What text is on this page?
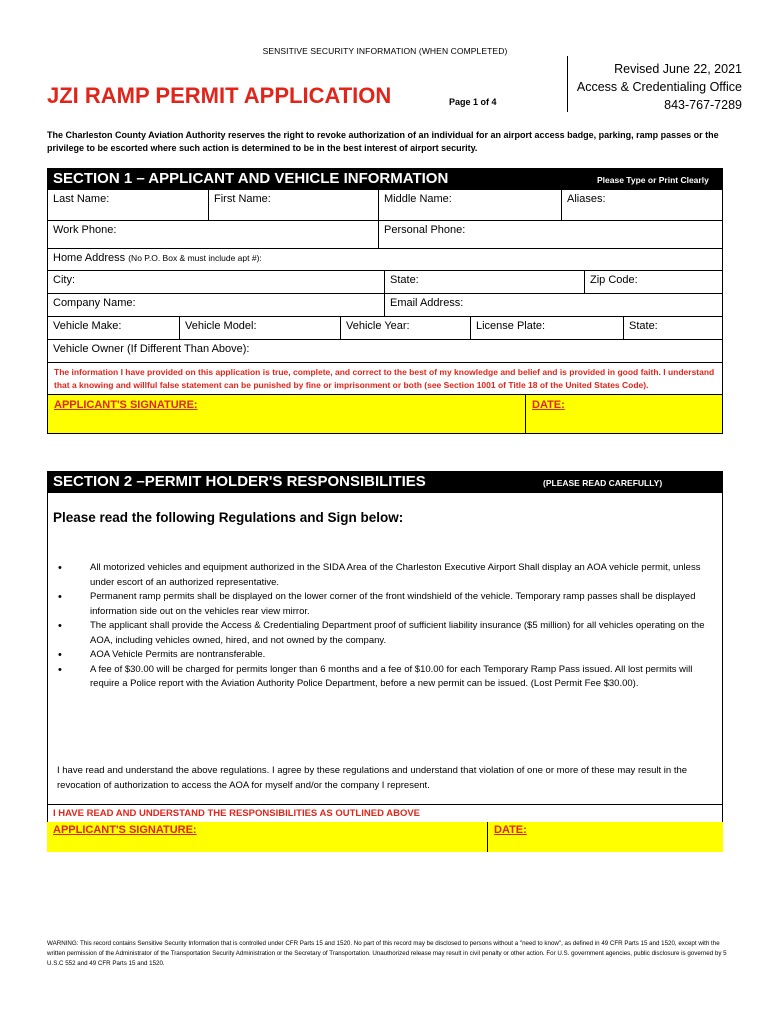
SENSITIVE SECURITY INFORMATION (WHEN COMPLETED)
JZI RAMP PERMIT APPLICATION	Page 1 of 4
Revised June 22, 2021
Access & Credentialing Office
843-767-7289
The Charleston County Aviation Authority reserves the right to revoke authorization of an individual for an airport access badge, parking, ramp passes or the privilege to be escorted where such action is determined to be in the best interest of airport security.
SECTION 1 – APPLICANT AND VEHICLE INFORMATION	Please Type or Print Clearly
Last Name:	First Name:	Middle Name:	Aliases:
Work Phone:	Personal Phone:
Home Address (No P.O. Box & must include apt #):
City:	State:	Zip Code:
Company Name:	Email Address:
Vehicle Make:	Vehicle Model:	Vehicle Year:	License Plate:	State:
Vehicle Owner (If Different Than Above):
The information I have provided on this application is true, complete, and correct to the best of my knowledge and belief and is provided in good faith. I understand that a knowing and willful false statement can be punished by fine or imprisonment or both (see Section 1001 of Title 18 of the United States Code).
APPLICANT'S SIGNATURE:	DATE:
SECTION 2 –PERMIT HOLDER'S RESPONSIBILITIES	(PLEASE READ CAREFULLY)
Please read the following Regulations and Sign below:
• All motorized vehicles and equipment authorized in the SIDA Area of the Charleston Executive Airport Shall display an AOA vehicle permit, unless under escort of an authorized representative.
• Permanent ramp permits shall be displayed on the lower corner of the front windshield of the vehicle. Temporary ramp passes shall be displayed information side out on the vehicles rear view mirror.
• The applicant shall provide the Access & Credentialing Department proof of sufficient liability insurance ($5 million) for all vehicles operating on the AOA, including vehicles owned, hired, and not owned by the company.
• AOA Vehicle Permits are nontransferable.
• A fee of $30.00 will be charged for permits longer than 6 months and a fee of $10.00 for each Temporary Ramp Pass issued. All lost permits will require a Police report with the Aviation Authority Police Department, before a new permit can be issued. (Lost Permit Fee $30.00).
I have read and understand the above regulations. I agree by these regulations and understand that violation of one or more of these may result in the revocation of authorization to access the AOA for myself and/or the company I represent.
I HAVE READ AND UNDERSTAND THE RESPONSIBILITIES AS OUTLINED ABOVE
APPLICANT'S SIGNATURE:	DATE:
WARNING: This record contains Sensitive Security Information that is controlled under CFR Parts 15 and 1520. No part of this record may be disclosed to persons without a "need to know", as defined in 49 CFR Parts 15 and 1520, except with the written permission of the Administrator of the Transportation Security Administration or the Secretary of Transportation. Unauthorized release may result in civil penalty or other action. For U.S. government agencies, public disclosure is governed by 5 U.S.C 552 and 49 CFR Parts 15 and 1520.
